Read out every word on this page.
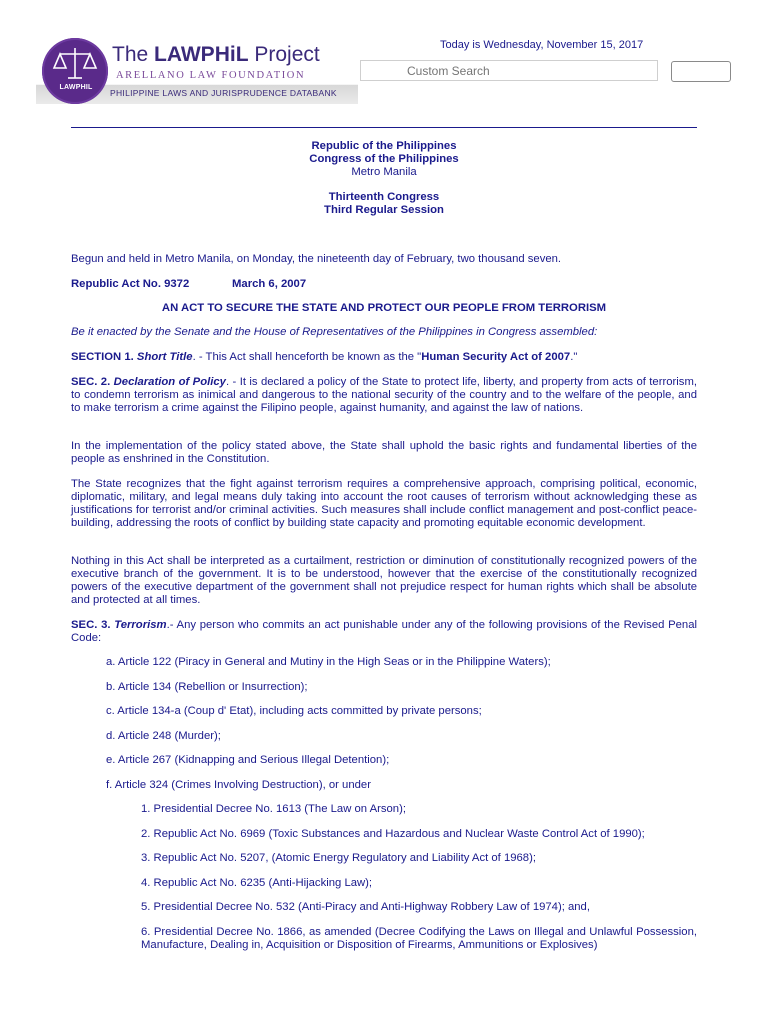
LAWPHIL
The LAWPHiL Project
ARELLANO LAW FOUNDATION
PHILIPPINE LAWS AND JURISPRUDENCE DATABANK
Today is Wednesday, November 15, 2017
Custom Search
Republic of the Philippines
Congress of the Philippines
Metro Manila
Thirteenth Congress
Third Regular Session
Begun and held in Metro Manila, on Monday, the nineteenth day of February, two thousand seven.
Republic Act No. 9372	March 6, 2007
AN ACT TO SECURE THE STATE AND PROTECT OUR PEOPLE FROM TERRORISM
Be it enacted by the Senate and the House of Representatives of the Philippines in Congress assembled:
SECTION 1. Short Title. - This Act shall henceforth be known as the "Human Security Act of 2007."
SEC. 2. Declaration of Policy. - It is declared a policy of the State to protect life, liberty, and property from acts of terrorism, to condemn terrorism as inimical and dangerous to the national security of the country and to the welfare of the people, and to make terrorism a crime against the Filipino people, against humanity, and against the law of nations.
In the implementation of the policy stated above, the State shall uphold the basic rights and fundamental liberties of the people as enshrined in the Constitution.
The State recognizes that the fight against terrorism requires a comprehensive approach, comprising political, economic, diplomatic, military, and legal means duly taking into account the root causes of terrorism without acknowledging these as justifications for terrorist and/or criminal activities. Such measures shall include conflict management and post-conflict peace-building, addressing the roots of conflict by building state capacity and promoting equitable economic development.
Nothing in this Act shall be interpreted as a curtailment, restriction or diminution of constitutionally recognized powers of the executive branch of the government. It is to be understood, however that the exercise of the constitutionally recognized powers of the executive department of the government shall not prejudice respect for human rights which shall be absolute and protected at all times.
SEC. 3. Terrorism.- Any person who commits an act punishable under any of the following provisions of the Revised Penal Code:
a. Article 122 (Piracy in General and Mutiny in the High Seas or in the Philippine Waters);
b. Article 134 (Rebellion or Insurrection);
c. Article 134-a (Coup d' Etat), including acts committed by private persons;
d. Article 248 (Murder);
e. Article 267 (Kidnapping and Serious Illegal Detention);
f. Article 324 (Crimes Involving Destruction), or under
1. Presidential Decree No. 1613 (The Law on Arson);
2. Republic Act No. 6969 (Toxic Substances and Hazardous and Nuclear Waste Control Act of 1990);
3. Republic Act No. 5207, (Atomic Energy Regulatory and Liability Act of 1968);
4. Republic Act No. 6235 (Anti-Hijacking Law);
5. Presidential Decree No. 532 (Anti-Piracy and Anti-Highway Robbery Law of 1974); and,
6. Presidential Decree No. 1866, as amended (Decree Codifying the Laws on Illegal and Unlawful Possession, Manufacture, Dealing in, Acquisition or Disposition of Firearms, Ammunitions or Explosives)
